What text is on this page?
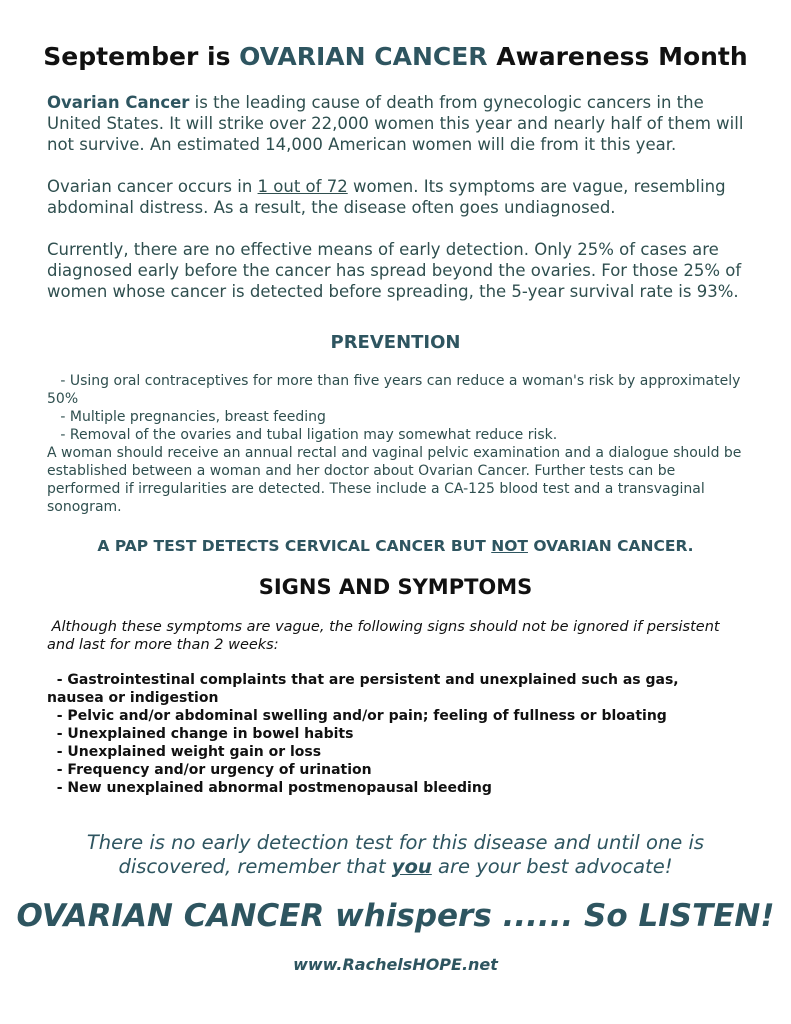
September is OVARIAN CANCER Awareness Month

Ovarian Cancer is the leading cause of death from gynecologic cancers in the United States. It will strike over 22,000 women this year and nearly half of them will not survive. An estimated 14,000 American women will die from it this year.

Ovarian cancer occurs in 1 out of 72 women. Its symptoms are vague, resembling abdominal distress. As a result, the disease often goes undiagnosed.

Currently, there are no effective means of early detection. Only 25% of cases are diagnosed early before the cancer has spread beyond the ovaries. For those 25% of women whose cancer is detected before spreading, the 5-year survival rate is 93%.

PREVENTION
- Using oral contraceptives for more than five years can reduce a woman's risk by approximately 50%
- Multiple pregnancies, breast feeding
- Removal of the ovaries and tubal ligation may somewhat reduce risk.
A woman should receive an annual rectal and vaginal pelvic examination and a dialogue should be established between a woman and her doctor about Ovarian Cancer. Further tests can be performed if irregularities are detected. These include a CA-125 blood test and a transvaginal sonogram.

A PAP TEST DETECTS CERVICAL CANCER BUT NOT OVARIAN CANCER.

SIGNS AND SYMPTOMS

Although these symptoms are vague, the following signs should not be ignored if persistent and last for more than 2 weeks:

- Gastrointestinal complaints that are persistent and unexplained such as gas, nausea or indigestion
- Pelvic and/or abdominal swelling and/or pain; feeling of fullness or bloating
- Unexplained change in bowel habits
- Unexplained weight gain or loss
- Frequency and/or urgency of urination
- New unexplained abnormal postmenopausal bleeding

There is no early detection test for this disease and until one is
discovered, remember that you are your best advocate!

OVARIAN CANCER whispers ...... So LISTEN!

www.RachelsHOPE.net
